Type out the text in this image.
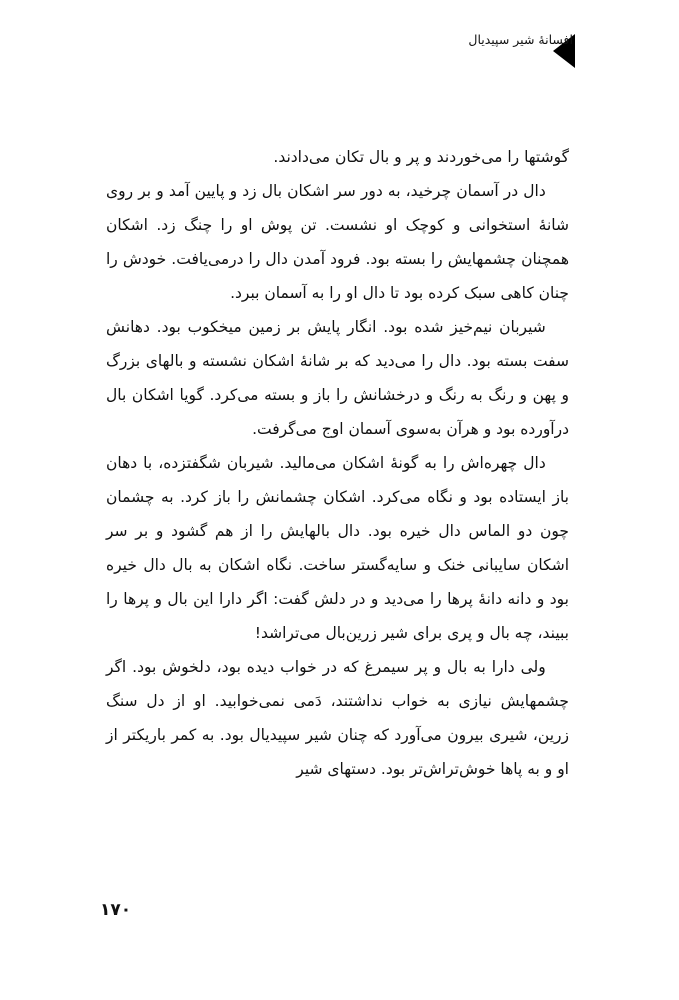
افسانهٔ شیر سپیدیال

گوشتها را می‌خوردند و پر و بال تکان می‌دادند.

دال در آسمان چرخید، به دور سر اشکان بال زد و پایین آمد و بر روی شانهٔ استخوانی و کوچک او نشست. تن پوش او را چنگ زد. اشکان همچنان چشمهایش را بسته بود. فرود آمدن دال را درمی‌یافت. خودش را چنان کاهی سبک کرده بود تا دال او را به آسمان ببرد.

شیربان نیم‌خیز شده بود. انگار پایش بر زمین میخکوب بود. دهانش سفت بسته بود. دال را می‌دید که بر شانهٔ اشکان نشسته و بالهای بزرگ و پهن و رنگ به رنگ و درخشانش را باز و بسته می‌کرد. گویا اشکان بال درآورده بود و هرآن به‌سوی آسمان اوج می‌گرفت.

دال چهره‌اش را به گونهٔ اشکان می‌مالید. شیربان شگفتزده، با دهان باز ایستاده بود و نگاه می‌کرد. اشکان چشمانش را باز کرد. به چشمان چون دو الماس دال خیره بود. دال بالهایش را از هم گشود و بر سر اشکان سایبانی خنک و سایه‌گستر ساخت. نگاه اشکان به بال دال خیره بود و دانه دانهٔ پرها را می‌دید و در دلش گفت: اگر دارا این بال و پرها را ببیند، چه بال و پری برای شیر زرین‌بال می‌تراشد!

ولی دارا به بال و پر سیمرغ که در خواب دیده بود، دلخوش بود. اگر چشمهایش نیازی به خواب نداشتند، دَمی نمی‌خوابید. او از دل سنگ زرین، شیری بیرون می‌آورد که چنان شیر سپیدیال بود. به کمر باریکتر از او و به پاها خوش‌تراش‌تر بود. دستهای شیر

۱۷۰
